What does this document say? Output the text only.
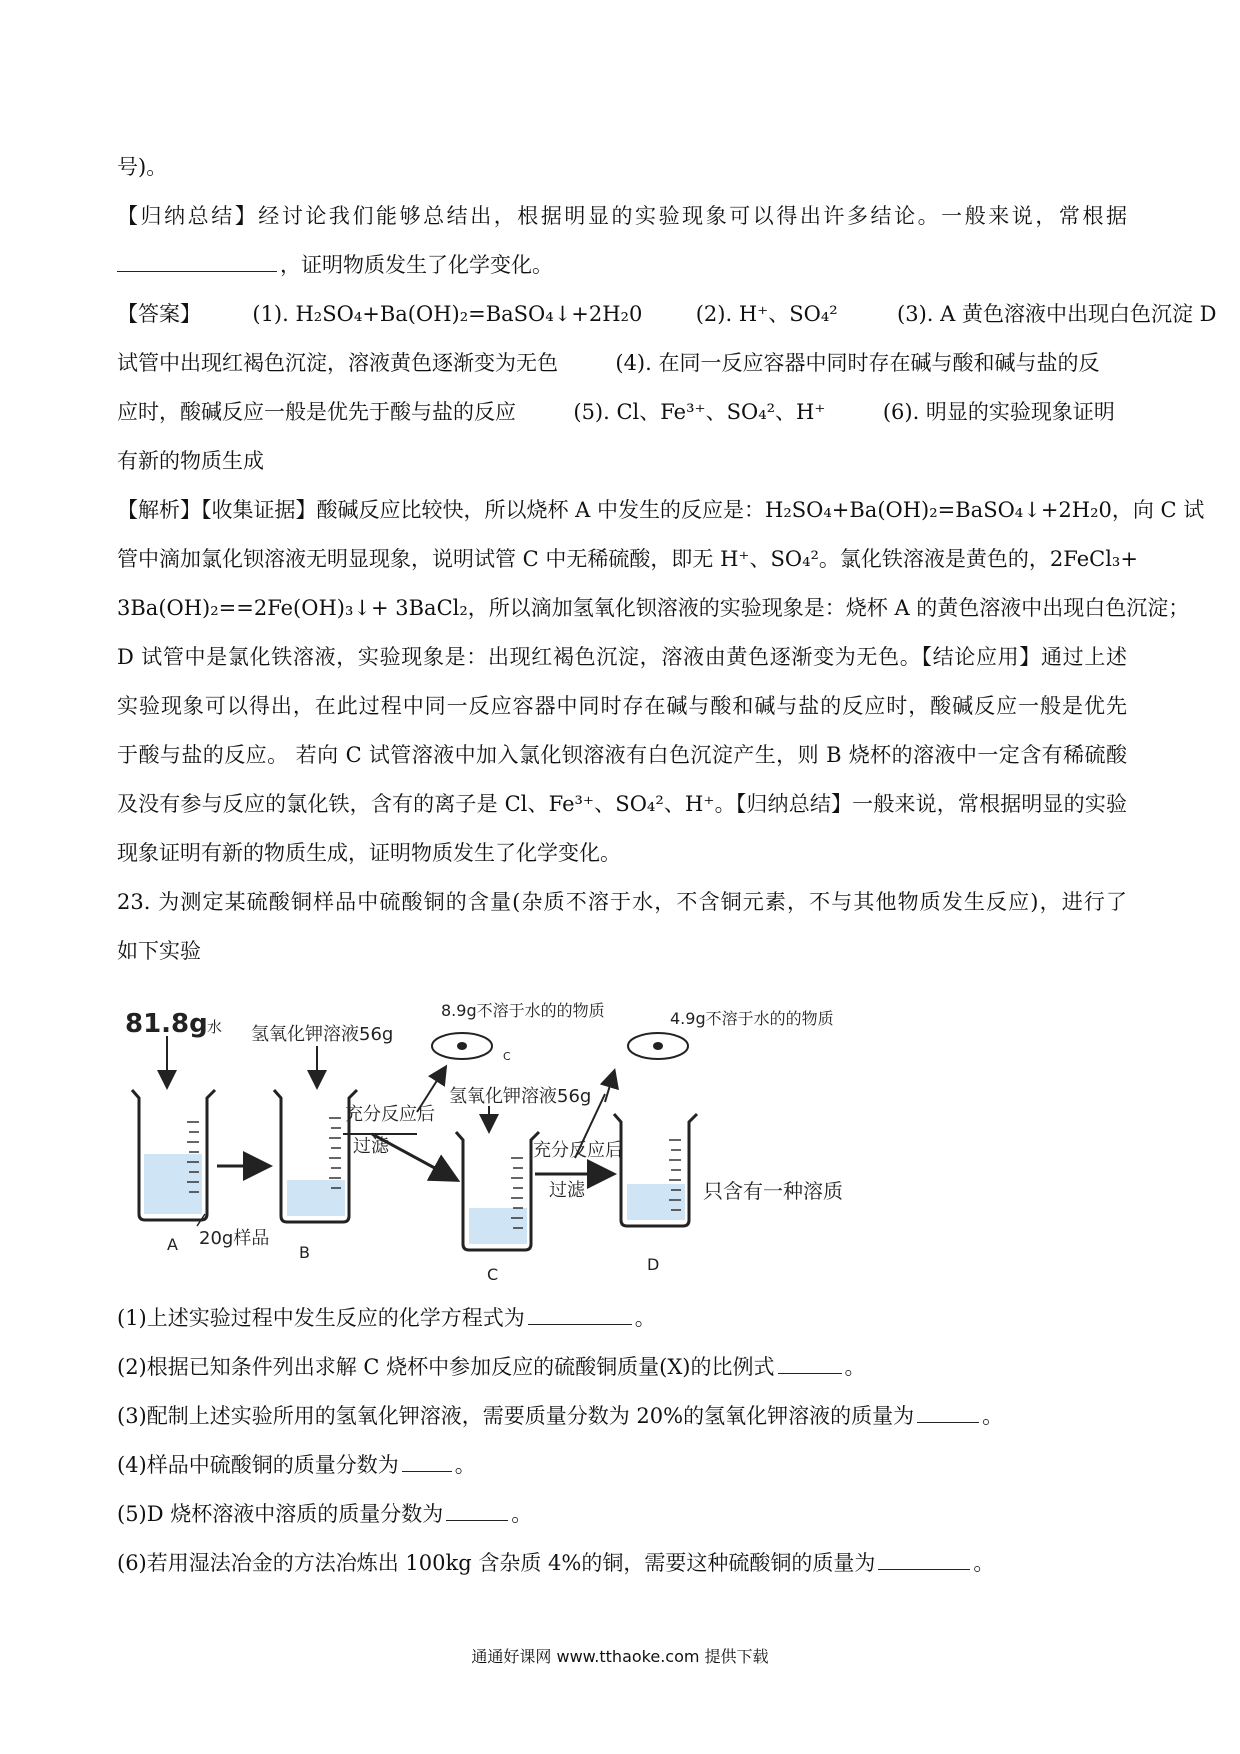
号)。
【归纳总结】经讨论我们能够总结出，根据明显的实验现象可以得出许多结论。一般来说，常根据
，证明物质发生了化学变化。
【答案】 (1). H₂SO₄+Ba(OH)₂=BaSO₄↓+2H₂0	(2). H⁺、SO₄²	(3). A 黄色溶液中出现白色沉淀 D
试管中出现红褐色沉淀，溶液黄色逐渐变为无色	(4). 在同一反应容器中同时存在碱与酸和碱与盐的反
应时，酸碱反应一般是优先于酸与盐的反应	(5). Cl、Fe³⁺、SO₄²、H⁺	(6). 明显的实验现象证明
有新的物质生成
【解析】【收集证据】酸碱反应比较快，所以烧杯 A 中发生的反应是：H₂SO₄+Ba(OH)₂=BaSO₄↓+2H₂0，向 C 试
管中滴加氯化钡溶液无明显现象，说明试管 C 中无稀硫酸，即无 H⁺、SO₄²。氯化铁溶液是黄色的，2FeCl₃+
3Ba(OH)₂==2Fe(OH)₃↓+ 3BaCl₂，所以滴加氢氧化钡溶液的实验现象是：烧杯 A 的黄色溶液中出现白色沉淀；
D 试管中是氯化铁溶液，实验现象是：出现红褐色沉淀，溶液由黄色逐渐变为无色。【结论应用】通过上述
实验现象可以得出，在此过程中同一反应容器中同时存在碱与酸和碱与盐的反应时，酸碱反应一般是优先
于酸与盐的反应。 若向 C 试管溶液中加入氯化钡溶液有白色沉淀产生，则 B 烧杯的溶液中一定含有稀硫酸
及没有参与反应的氯化铁，含有的离子是 Cl、Fe³⁺、SO₄²、H⁺。【归纳总结】一般来说，常根据明显的实验
现象证明有新的物质生成，证明物质发生了化学变化。
23. 为测定某硫酸铜样品中硫酸铜的含量(杂质不溶于水，不含铜元素，不与其他物质发生反应)，进行了
如下实验
81.8g 水
A 20g样品
氢氧化钾溶液56g
B
8.9g不溶于水的的物质
充分反应后
过滤
C
氢氧化钾溶液56g
C
4.9g不溶于水的的物质
充分反应后
过滤
D
只含有一种溶质
(1)上述实验过程中发生反应的化学方程式为	。
(2)根据已知条件列出求解 C 烧杯中参加反应的硫酸铜质量(X)的比例式	。
(3)配制上述实验所用的氢氧化钾溶液，需要质量分数为 20%的氢氧化钾溶液的质量为	。
(4)样品中硫酸铜的质量分数为	。
(5)D 烧杯溶液中溶质的质量分数为	。
(6)若用湿法冶金的方法冶炼出 100kg 含杂质 4%的铜，需要这种硫酸铜的质量为	。
通通好课网 www.tthaoke.com 提供下载
